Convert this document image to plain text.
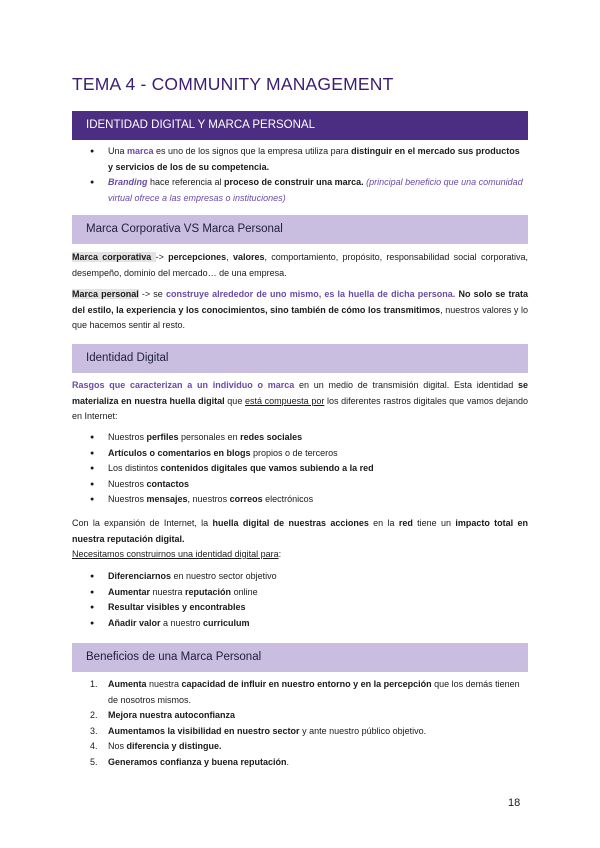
TEMA 4 - COMMUNITY MANAGEMENT
IDENTIDAD DIGITAL Y MARCA PERSONAL
● Una marca es uno de los signos que la empresa utiliza para distinguir en el mercado sus productos y servicios de los de su competencia.
● Branding hace referencia al proceso de construir una marca. (principal beneficio que una comunidad virtual ofrece a las empresas o instituciones)
Marca Corporativa VS Marca Personal
Marca corporativa -> percepciones, valores, comportamiento, propósito, responsabilidad social corporativa, desempeño, dominio del mercado… de una empresa.
Marca personal -> se construye alrededor de uno mismo, es la huella de dicha persona. No solo se trata del estilo, la experiencia y los conocimientos, sino también de cómo los transmitimos, nuestros valores y lo que hacemos sentir al resto.
Identidad Digital
Rasgos que caracterizan a un individuo o marca en un medio de transmisión digital. Esta identidad se materializa en nuestra huella digital que está compuesta por los diferentes rastros digitales que vamos dejando en Internet:
● Nuestros perfiles personales en redes sociales
● Artículos o comentarios en blogs propios o de terceros
● Los distintos contenidos digitales que vamos subiendo a la red
● Nuestros contactos
● Nuestros mensajes, nuestros correos electrónicos
Con la expansión de Internet, la huella digital de nuestras acciones en la red tiene un impacto total en nuestra reputación digital.
Necesitamos construirnos una identidad digital para:
● Diferenciarnos en nuestro sector objetivo
● Aumentar nuestra reputación online
● Resultar visibles y encontrables
● Añadir valor a nuestro curriculum
Beneficios de una Marca Personal
1. Aumenta nuestra capacidad de influir en nuestro entorno y en la percepción que los demás tienen de nosotros mismos.
2. Mejora nuestra autoconfianza
3. Aumentamos la visibilidad en nuestro sector y ante nuestro público objetivo.
4. Nos diferencia y distingue.
5. Generamos confianza y buena reputación.
18
